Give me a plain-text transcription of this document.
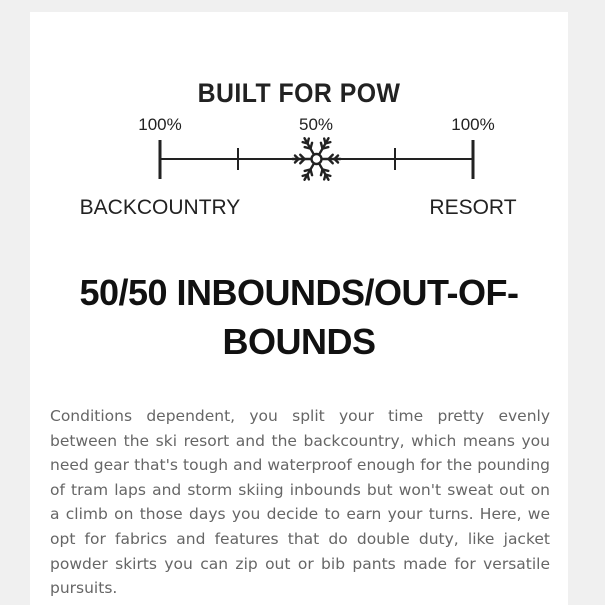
BUILT FOR POW
100%	50%	100%
BACKCOUNTRY	RESORT
50/50 INBOUNDS/OUT-OF-BOUNDS
Conditions dependent, you split your time pretty evenly between the ski resort and the backcountry, which means you need gear that's tough and waterproof enough for the pounding of tram laps and storm skiing inbounds but won't sweat out on a climb on those days you decide to earn your turns. Here, we opt for fabrics and features that do double duty, like jacket powder skirts you can zip out or bib pants made for versatile pursuits.
